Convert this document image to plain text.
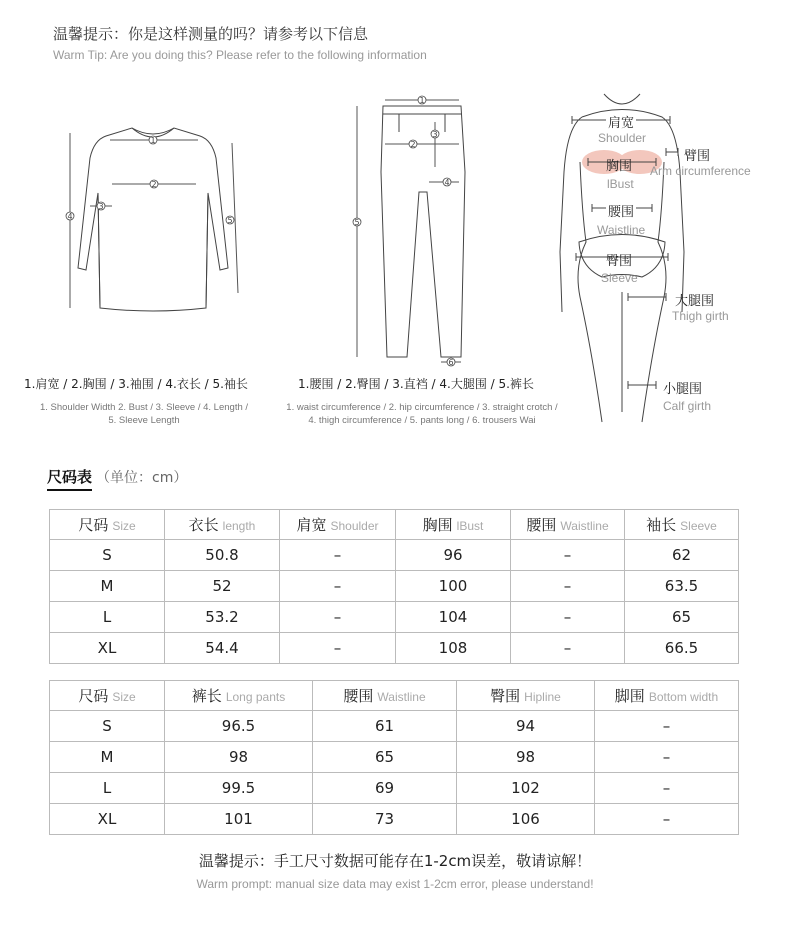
温馨提示：你是这样测量的吗？请参考以下信息
Warm Tip: Are you doing this? Please refer to the following information
1
2
3
4	5
1.肩宽 / 2.胸围 / 3.袖围 / 4.衣长 / 5.袖长
1. Shoulder Width 2. Bust / 3. Sleeve / 4. Length /
5. Sleeve Length
1
2
3
4
5
6
1.腰围 / 2.臀围 / 3.直裆 / 4.大腿围 / 5.裤长
1. waist circumference / 2. hip circumference / 3. straight crotch /
4. thigh circumference / 5. pants long / 6. trousers Wai
肩宽
Shoulder
臂围
Arm circumference
胸围
lBust
腰围
Waistline
臀围
Sleeve
大腿围
Thigh girth
小腿围
Calf girth
尺码表 （单位：cm）
尺码 Size	衣长 length	肩宽 Shoulder	胸围 lBust	腰围 Waistline	袖长 Sleeve
S	50.8	–	96	–	62
M	52	–	100	–	63.5
L	53.2	–	104	–	65
XL	54.4	–	108	–	66.5
尺码 Size	裤长 Long pants	腰围 Waistline	臀围 Hipline	脚围 Bottom width
S	96.5	61	94	–
M	98	65	98	–
L	99.5	69	102	–
XL	101	73	106	–
温馨提示：手工尺寸数据可能存在1-2cm误差，敬请谅解！
Warm prompt: manual size data may exist 1-2cm error, please understand!
